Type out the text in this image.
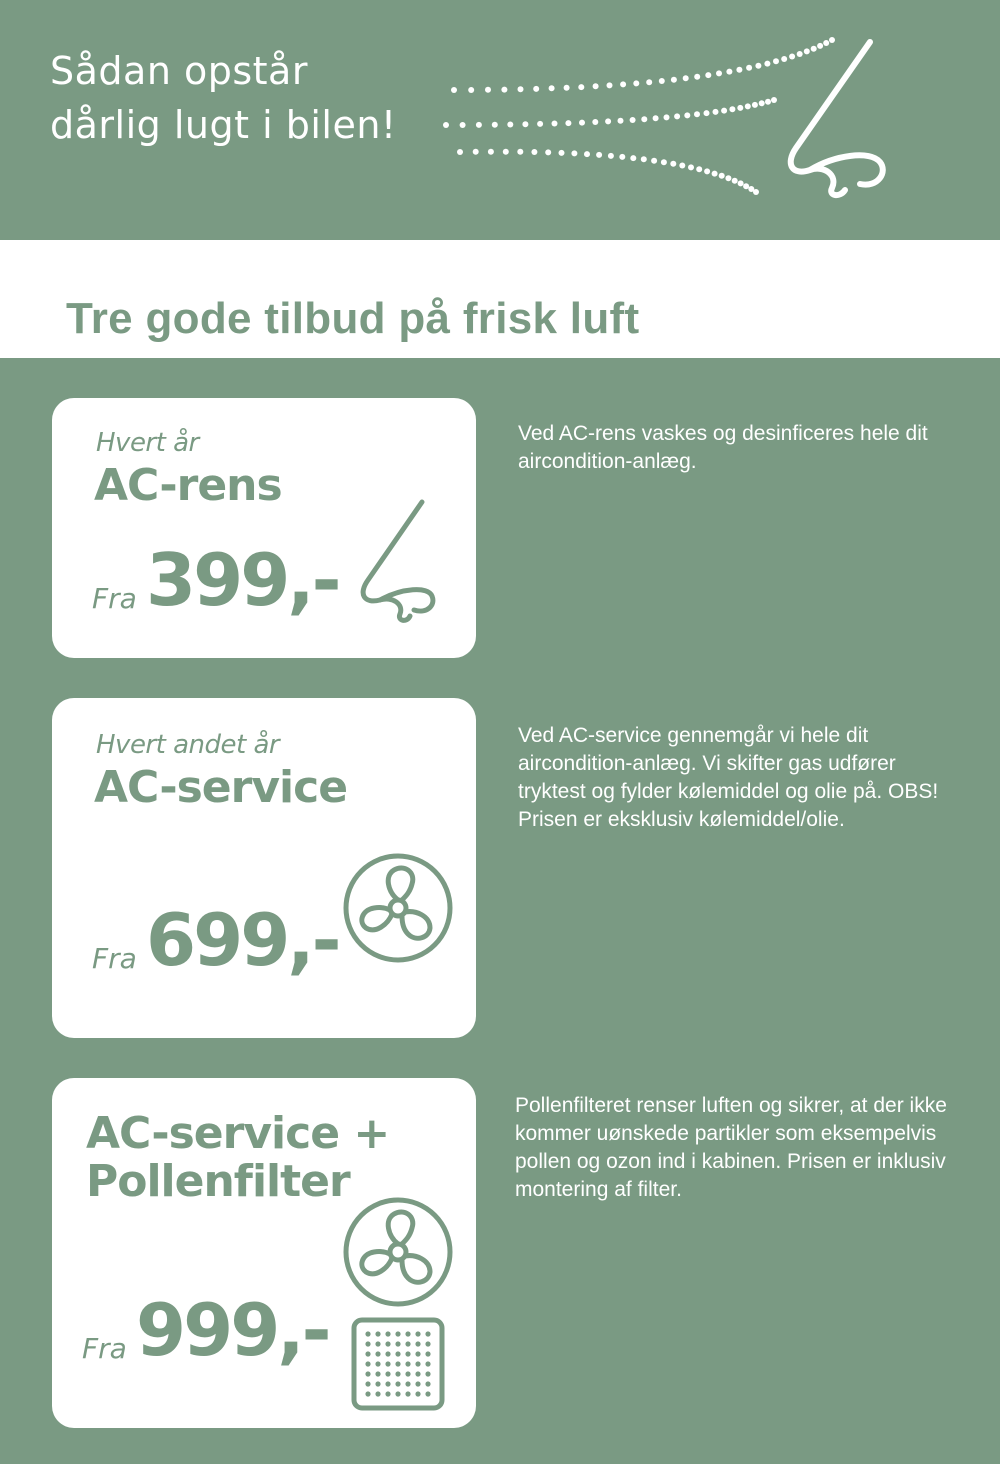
Sådan opstår
dårlig lugt i bilen!
Tre gode tilbud på frisk luft
Hvert år
AC-rens
Fra 399,-

Ved AC-rens vaskes og desinficeres hele dit aircondition-anlæg.

Hvert andet år
AC-service
Fra 699,-

Ved AC-service gennemgår vi hele dit aircondition-anlæg. Vi skifter gas udfører tryktest og fylder kølemiddel og olie på. OBS! Prisen er eksklusiv kølemiddel/olie.

AC-service +
Pollenfilter
Fra 999,-

Pollenfilteret renser luften og sikrer, at der ikke kommer uønskede partikler som eksempelvis pollen og ozon ind i kabinen. Prisen er inklusiv montering af filter.
